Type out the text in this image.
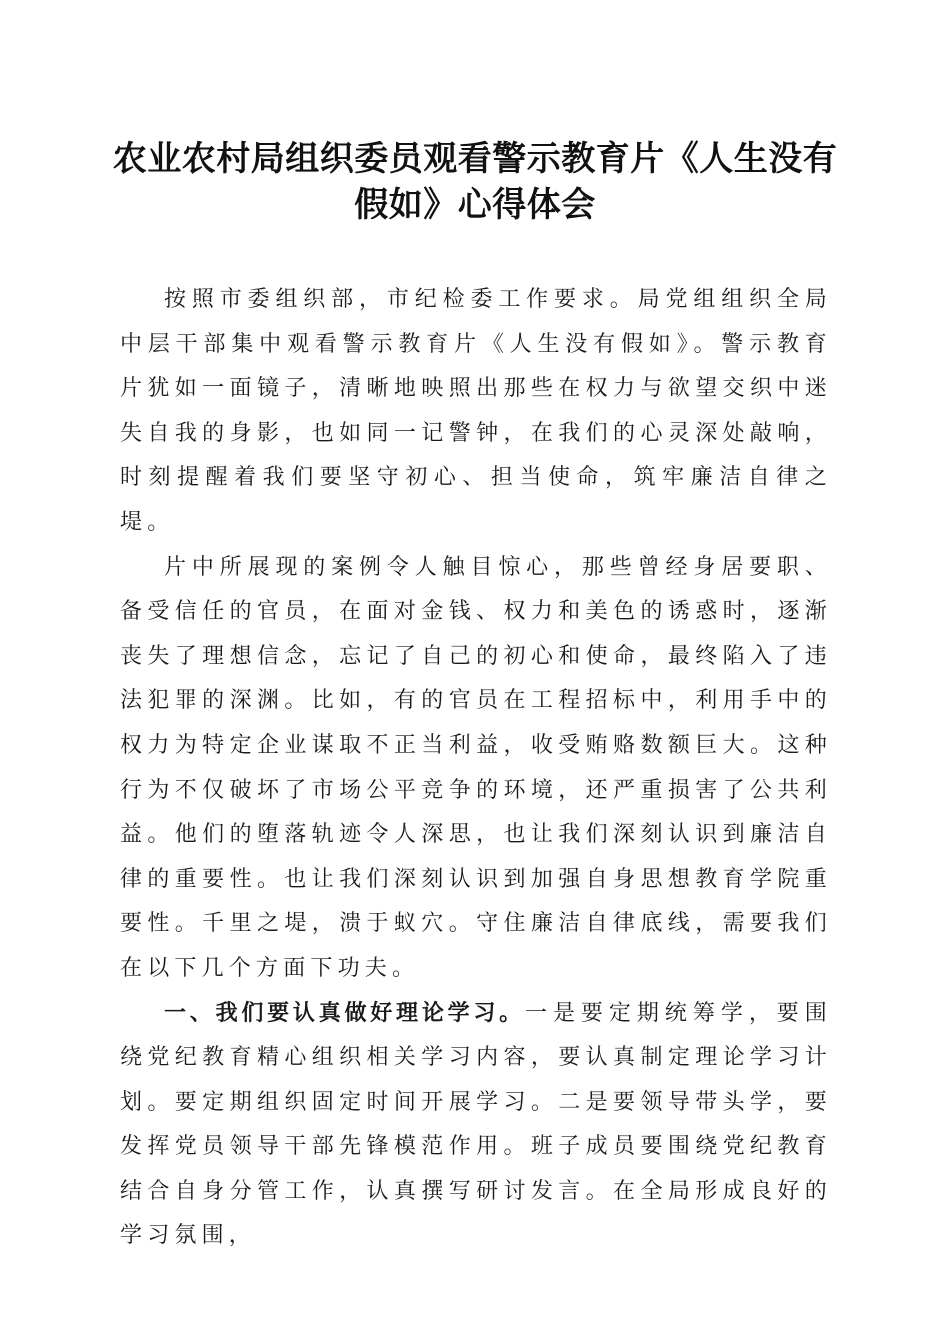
农业农村局组织委员观看警示教育片《人生没有假如》心得体会

按照市委组织部，市纪检委工作要求。局党组组织全局中层干部集中观看警示教育片《人生没有假如》。警示教育片犹如一面镜子，清晰地映照出那些在权力与欲望交织中迷失自我的身影，也如同一记警钟，在我们的心灵深处敲响，时刻提醒着我们要坚守初心、担当使命，筑牢廉洁自律之堤。

片中所展现的案例令人触目惊心，那些曾经身居要职、备受信任的官员，在面对金钱、权力和美色的诱惑时，逐渐丧失了理想信念，忘记了自己的初心和使命，最终陷入了违法犯罪的深渊。比如，有的官员在工程招标中，利用手中的权力为特定企业谋取不正当利益，收受贿赂数额巨大。这种行为不仅破坏了市场公平竞争的环境，还严重损害了公共利益。他们的堕落轨迹令人深思，也让我们深刻认识到廉洁自律的重要性。也让我们深刻认识到加强自身思想教育学院重要性。千里之堤，溃于蚁穴。守住廉洁自律底线，需要我们在以下几个方面下功夫。

一、我们要认真做好理论学习。一是要定期统筹学，要围绕党纪教育精心组织相关学习内容，要认真制定理论学习计划。要定期组织固定时间开展学习。二是要领导带头学，要发挥党员领导干部先锋模范作用。班子成员要围绕党纪教育结合自身分管工作，认真撰写研讨发言。在全局形成良好的学习氛围，
